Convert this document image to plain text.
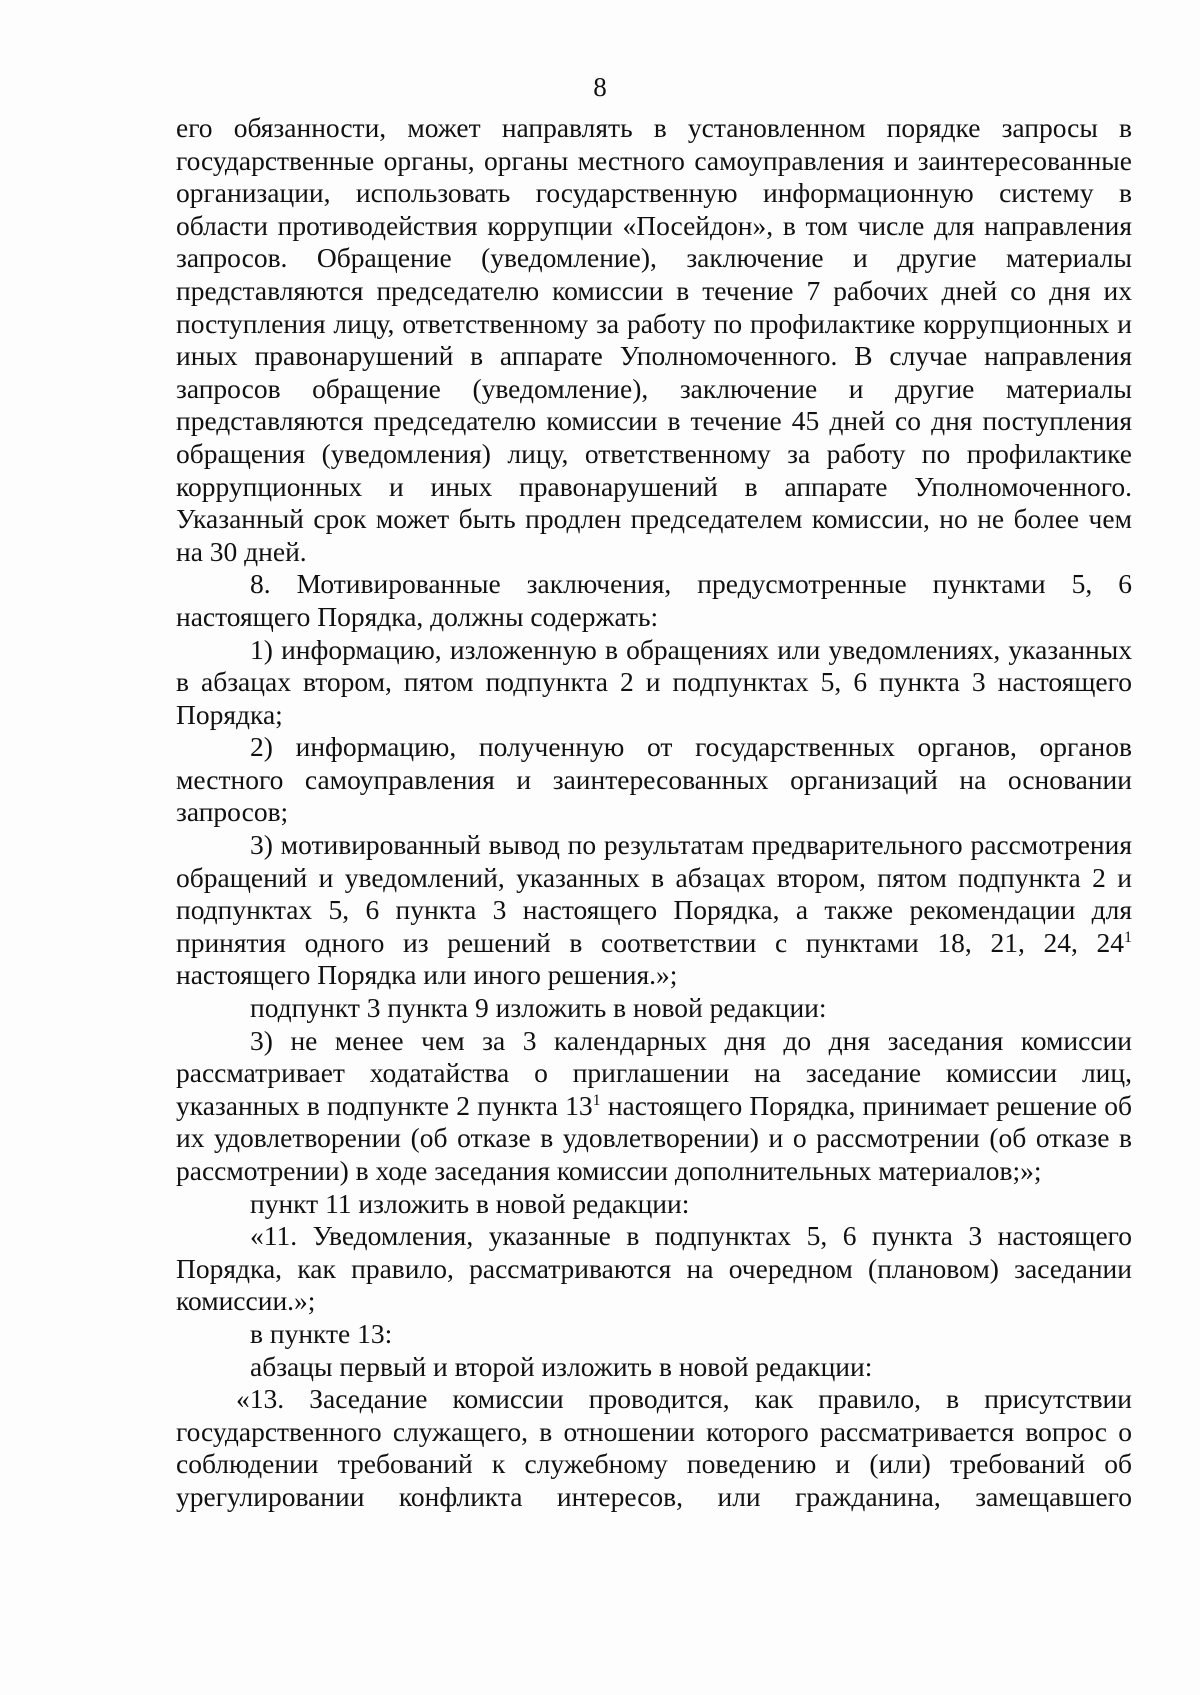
8

его обязанности, может направлять в установленном порядке запросы в государственные органы, органы местного самоуправления и заинтересованные организации, использовать государственную информационную систему в области противодействия коррупции «Посейдон», в том числе для направления запросов. Обращение (уведомление), заключение и другие материалы представляются председателю комиссии в течение 7 рабочих дней со дня их поступления лицу, ответственному за работу по профилактике коррупционных и иных правонарушений в аппарате Уполномоченного. В случае направления запросов обращение (уведомление), заключение и другие материалы представляются председателю комиссии в течение 45 дней со дня поступления обращения (уведомления) лицу, ответственному за работу по профилактике коррупционных и иных правонарушений в аппарате Уполномоченного. Указанный срок может быть продлен председателем комиссии, но не более чем на 30 дней.

8. Мотивированные заключения, предусмотренные пунктами 5, 6 настоящего Порядка, должны содержать:

1) информацию, изложенную в обращениях или уведомлениях, указанных в абзацах втором, пятом подпункта 2 и подпунктах 5, 6 пункта 3 настоящего Порядка;

2) информацию, полученную от государственных органов, органов местного самоуправления и заинтересованных организаций на основании запросов;

3) мотивированный вывод по результатам предварительного рассмотрения обращений и уведомлений, указанных в абзацах втором, пятом подпункта 2 и подпунктах 5, 6 пункта 3 настоящего Порядка, а также рекомендации для принятия одного из решений в соответствии с пунктами 18, 21, 24, $24^1$ настоящего Порядка или иного решения.»;

подпункт 3 пункта 9 изложить в новой редакции:

3) не менее чем за 3 календарных дня до дня заседания комиссии рассматривает ходатайства о приглашении на заседание комиссии лиц, указанных в подпункте 2 пункта $13^1$ настоящего Порядка, принимает решение об их удовлетворении (об отказе в удовлетворении) и о рассмотрении (об отказе в рассмотрении) в ходе заседания комиссии дополнительных материалов;»;

пункт 11 изложить в новой редакции:

«11. Уведомления, указанные в подпунктах 5, 6 пункта 3 настоящего Порядка, как правило, рассматриваются на очередном (плановом) заседании комиссии.»;

в пункте 13:

абзацы первый и второй изложить в новой редакции:

«13. Заседание комиссии проводится, как правило, в присутствии государственного служащего, в отношении которого рассматривается вопрос о соблюдении требований к служебному поведению и (или) требований об урегулировании конфликта интересов, или гражданина, замещавшего
